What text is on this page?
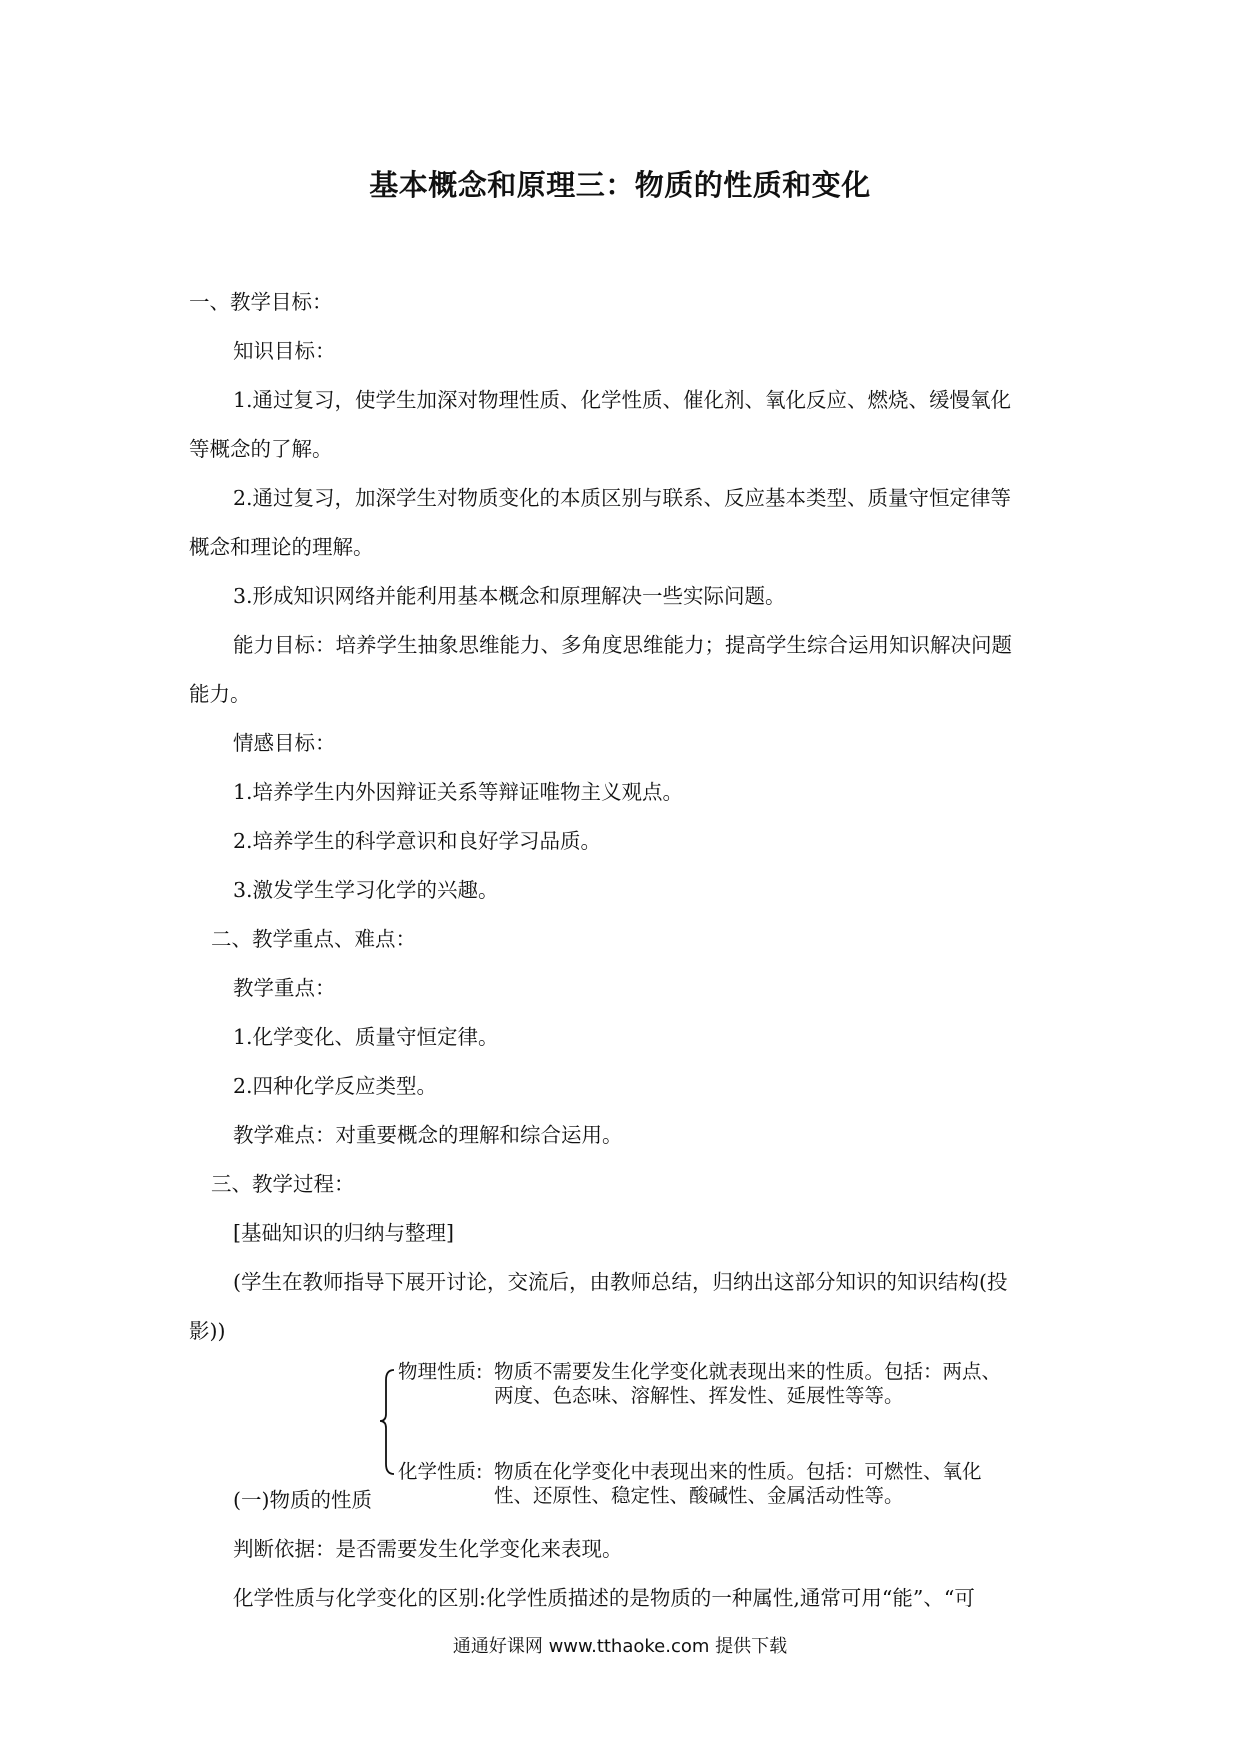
基本概念和原理三：物质的性质和变化
一、教学目标：
知识目标：
1.通过复习，使学生加深对物理性质、化学性质、催化剂、氧化反应、燃烧、缓慢氧化
等概念的了解。
2.通过复习，加深学生对物质变化的本质区别与联系、反应基本类型、质量守恒定律等
概念和理论的理解。
3.形成知识网络并能利用基本概念和原理解决一些实际问题。
能力目标：培养学生抽象思维能力、多角度思维能力；提高学生综合运用知识解决问题
能力。
情感目标：
1.培养学生内外因辩证关系等辩证唯物主义观点。
2.培养学生的科学意识和良好学习品质。
3.激发学生学习化学的兴趣。
二、教学重点、难点：
教学重点：
1.化学变化、质量守恒定律。
2.四种化学反应类型。
教学难点：对重要概念的理解和综合运用。
三、教学过程：
[基础知识的归纳与整理]
(学生在教师指导下展开讨论，交流后，由教师总结，归纳出这部分知识的知识结构(投
影))
物理性质: 物质不需要发生化学变化就表现出来的性质。包括：两点、
两度、色态味、溶解性、挥发性、延展性等等。
化学性质: 物质在化学变化中表现出来的性质。包括：可燃性、氧化
性、还原性、稳定性、酸碱性、金属活动性等。
(一)物质的性质
判断依据：是否需要发生化学变化来表现。
化学性质与化学变化的区别:化学性质描述的是物质的一种属性,通常可用“能”、“可
通通好课网 www.tthaoke.com 提供下载
